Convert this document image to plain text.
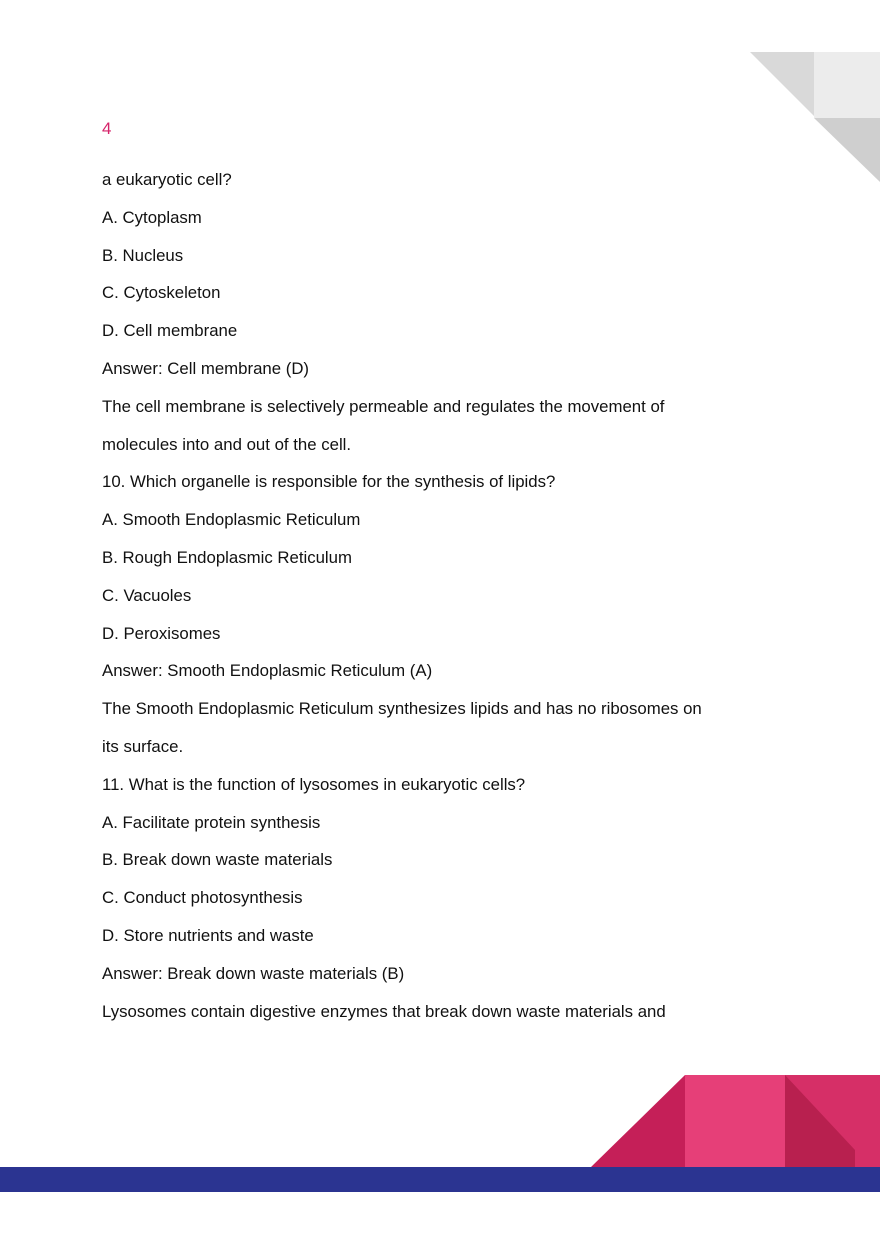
4
a eukaryotic cell?
A. Cytoplasm
B. Nucleus
C. Cytoskeleton
D. Cell membrane
Answer: Cell membrane (D)
The cell membrane is selectively permeable and regulates the movement of
molecules into and out of the cell.
10. Which organelle is responsible for the synthesis of lipids?
A. Smooth Endoplasmic Reticulum
B. Rough Endoplasmic Reticulum
C. Vacuoles
D. Peroxisomes
Answer: Smooth Endoplasmic Reticulum (A)
The Smooth Endoplasmic Reticulum synthesizes lipids and has no ribosomes on
its surface.
11. What is the function of lysosomes in eukaryotic cells?
A. Facilitate protein synthesis
B. Break down waste materials
C. Conduct photosynthesis
D. Store nutrients and waste
Answer: Break down waste materials (B)
Lysosomes contain digestive enzymes that break down waste materials and
